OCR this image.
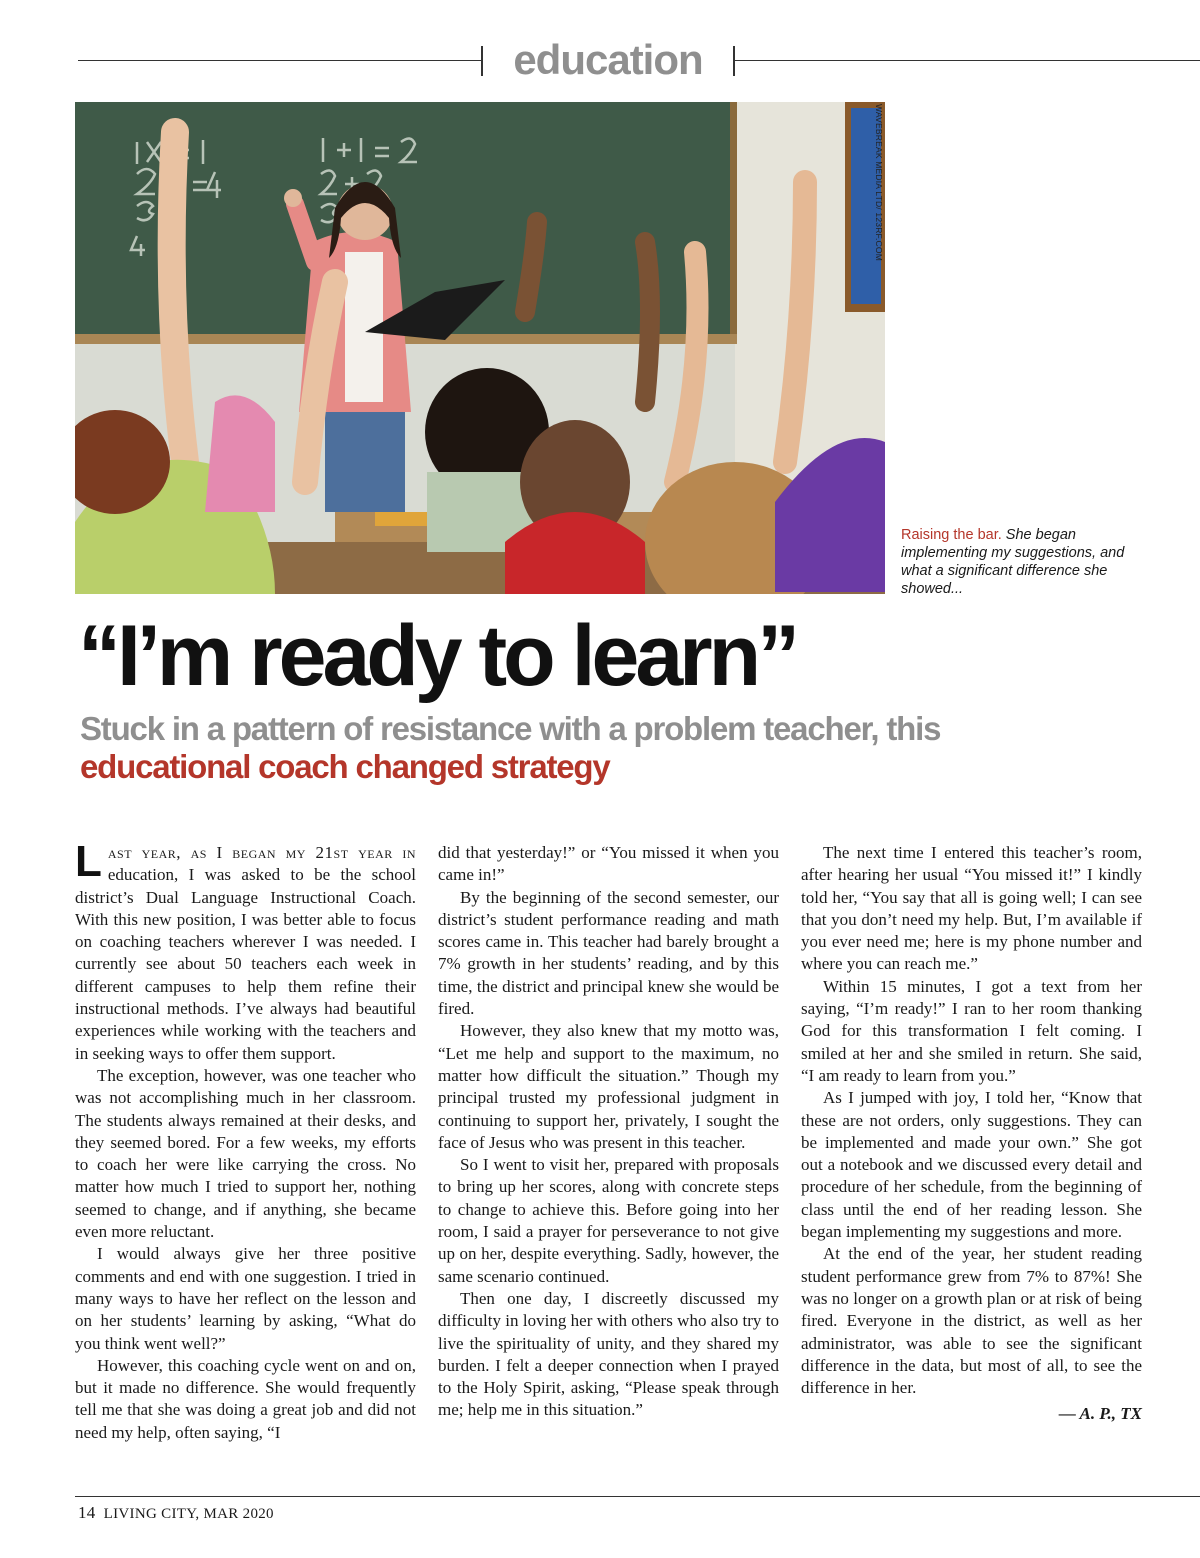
education
WAVEBREAK MEDIA LTD/ 123RF.COM
Raising the bar. She began implementing my suggestions, and what a significant difference she showed...
“I’m ready to learn”
Stuck in a pattern of resistance with a problem teacher, this educational coach changed strategy

Last year, as I began my 21st year in education, I was asked to be the school district’s Dual Language Instructional Coach. With this new position, I was better able to focus on coaching teachers wherever I was needed. I currently see about 50 teachers each week in different campuses to help them refine their instructional methods. I’ve always had beautiful experiences while working with the teachers and in seeking ways to offer them support.

The exception, however, was one teacher who was not accomplishing much in her classroom. The students always remained at their desks, and they seemed bored. For a few weeks, my efforts to coach her were like carrying the cross. No matter how much I tried to support her, nothing seemed to change, and if anything, she became even more reluctant.

I would always give her three positive comments and end with one suggestion. I tried in many ways to have her reflect on the lesson and on her students’ learning by asking, “What do you think went well?”

However, this coaching cycle went on and on, but it made no difference. She would frequently tell me that she was doing a great job and did not need my help, often saying, “I

did that yesterday!” or “You missed it when you came in!”

By the beginning of the second semester, our district’s student performance reading and math scores came in. This teacher had barely brought a 7% growth in her students’ reading, and by this time, the district and principal knew she would be fired.

However, they also knew that my motto was, “Let me help and support to the maximum, no matter how difficult the situation.” Though my principal trusted my professional judgment in continuing to support her, privately, I sought the face of Jesus who was present in this teacher.

So I went to visit her, prepared with proposals to bring up her scores, along with concrete steps to change to achieve this. Before going into her room, I said a prayer for perseverance to not give up on her, despite everything. Sadly, however, the same scenario continued.

Then one day, I discreetly discussed my difficulty in loving her with others who also try to live the spirituality of unity, and they shared my burden. I felt a deeper connection when I prayed to the Holy Spirit, asking, “Please speak through me; help me in this situation.”

The next time I entered this teacher’s room, after hearing her usual “You missed it!” I kindly told her, “You say that all is going well; I can see that you don’t need my help. But, I’m available if you ever need me; here is my phone number and where you can reach me.”

Within 15 minutes, I got a text from her saying, “I’m ready!” I ran to her room thanking God for this transformation I felt coming. I smiled at her and she smiled in return. She said, “I am ready to learn from you.”

As I jumped with joy, I told her, “Know that these are not orders, only suggestions. They can be implemented and made your own.” She got out a notebook and we discussed every detail and procedure of her schedule, from the beginning of class until the end of her reading lesson. She began implementing my suggestions and more.

At the end of the year, her student reading student performance grew from 7% to 87%! She was no longer on a growth plan or at risk of being fired. Everyone in the district, as well as her administrator, was able to see the significant difference in the data, but most of all, to see the difference in her.

— A. P., TX
14 LIVING CITY, MAR 2020
